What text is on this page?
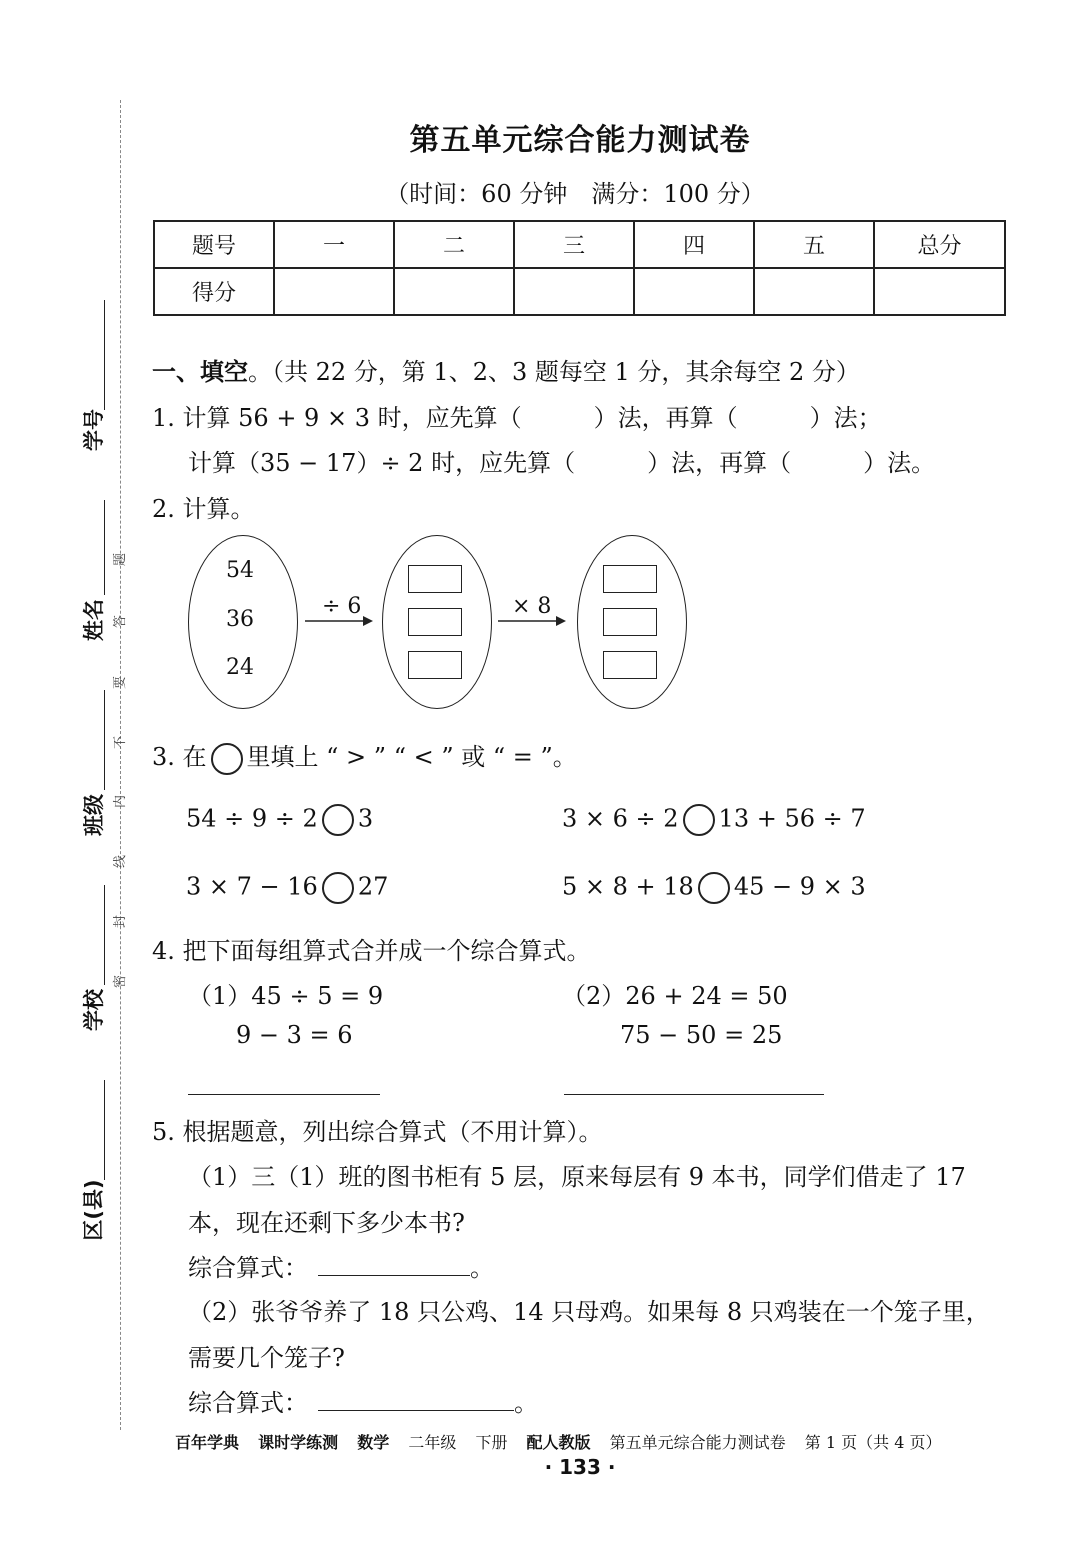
学号
姓名
班级
学校
区(县)
题
答
要
不
内
线
封
密
第五单元综合能力测试卷
（时间：60 分钟　满分：100 分）
题号	一	二	三	四	五	总分
得分						
一、填空。（共 22 分，第 1、2、3 题每空 1 分，其余每空 2 分）
1. 计算 56 + 9 × 3 时，应先算（　　　）法，再算（　　　）法；
计算（35 − 17）÷ 2 时，应先算（　　　）法，再算（　　　）法。
2. 计算。
54
36
24
÷ 6	× 8
3. 在 里填上 “ > ” “ < ” 或 “ = ”。
54 ÷ 9 ÷ 2 3	3 × 6 ÷ 2 13 + 56 ÷ 7
3 × 7 − 16 27	5 × 8 + 18 45 − 9 × 3
4. 把下面每组算式合并成一个综合算式。
（1）45 ÷ 5 = 9
9 − 3 = 6
（2）26 + 24 = 50
75 − 50 = 25
5. 根据题意，列出综合算式（不用计算）。
（1）三（1）班的图书柜有 5 层，原来每层有 9 本书，同学们借走了 17
本，现在还剩下多少本书?
综合算式：	。
（2）张爷爷养了 18 只公鸡、14 只母鸡。如果每 8 只鸡装在一个笼子里，
需要几个笼子?
综合算式：	。
百年学典 课时学练测 数学 二年级 下册 配人教版 第五单元综合能力测试卷 第 1 页（共 4 页）
· 133 ·
